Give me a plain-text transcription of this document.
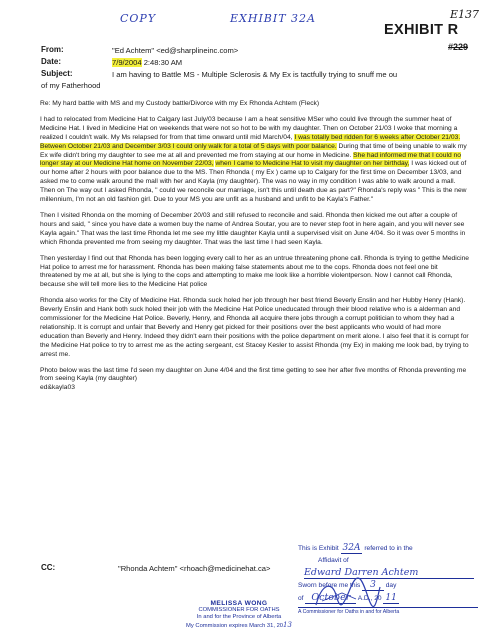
COPY	EXHIBIT 32A	E137
EXHIBIT R
#229
From:	"Ed Achtem" <ed@sharplineinc.com>
Date:	7/9/2004 2:48:30 AM
Subject:	I am having to Battle MS - Multiple Sclerosis & My Ex is tactfully trying to snuff me ou
of my Fatherhood

Re: My hard battle with MS and my Custody battle/Divorce with my Ex Rhonda Achtem (Fleck)

I had to relocated from Medicine Hat to Calgary last July/03 because I am a heat sensitive MSer who could live through the summer heat of Medicine Hat. I lived in Medicine Hat on weekends that were not so hot to be with my daughter. Then on October 21/03 I woke that morning a realized I couldn't walk. My Ms relapsed for from that time onward until mid March/04, I was totally bed ridden for 6 weeks after October 21/03. Between October 21/03 and December 3/03 I could only walk for a total of 5 days with poor balance. During that time of being unable to walk my Ex wife didn't bring my daughter to see me at all and prevented me from staying at our home in Medicine. She had informed me that I could no longer stay at our Medicine Hat home on November 22/03, when I came to Medicine Hat to visit my daughter on her birthday, I was kicked out of our home after 2 hours with poor balance due to the MS. Then Rhonda ( my Ex ) came up to Calgary for the first time on December 13/03, and asked me to come walk around the mall with her and Kayla (my daughter). The was no way in my condition I was able to walk around a mall. Then on The way out I asked Rhonda, " could we reconcile our marriage, isn't this until death due as part?" Rhonda's reply was " This is the new millennium, I'm not an old fashion girl. Due to your MS you are unfit as a husband and unfit to be Kayla's Father."

Then I visited Rhonda on the morning of December 20/03 and still refused to reconcile and said. Rhonda then kicked me out after a couple of hours and said, " since you have date a women buy the name of Andrea Soutar, you are to never step foot in here again, and you will never see Kayla again." That was the last time Rhonda let me see my little daughter Kayla until a supervised visit on June 4/04. So it was over 5 months in which Rhonda prevented me from seeing my daughter. That was the last time I had seen Kayla.

Then yesterday I find out that Rhonda has been logging every call to her as an untrue threatening phone call. Rhonda is trying to getthe Medicine Hat police to arrest me for harassment. Rhonda has been making false statements about me to the cops. Rhonda does not feel one bit threatened by me at all, but she is lying to the cops and attempting to make me look like a horrible violentperson. Now I cannot call Rhonda, because she will tell more lies to the Medicine Hat police

Rhonda also works for the City of Medicine Hat. Rhonda suck holed her job through her best friend Beverly Enslin and her Hubby Henry (Hank). Beverly Enslin and Hank both suck holed their job with the Medicine Hat Police uneducated through their blood relative who is a alderman and commissioner for the Medicine Hat Police. Beverly, Henry, and Rhonda all acquire there jobs through a corrupt politician to whom they had a relationship. It is corrupt and unfair that Beverly and Henry get picked for their positions over the best applicants who would of had more education than Beverly and Henry. Indeed they didn't earn their positions with the police department on merit alone. I also feel that it is corrupt for the Medicine Hat police to try to arrest me as the acting sergeant, cst Stacey Kesler to assist Rhonda (my Ex) in making me look bad, by trying to arrest me.

Photo below was the last time I'd seen my daughter on June 4/04 and the first time getting to see her after five months of Rhonda preventing me from seeing Kayla (my daughter)
ed&kayla03

CC:	"Rhonda Achtem" <rhoach@medicinehat.ca>
This is Exhibit 32A referred to in the
Affidavit of
Edward Darren Achtem
Sworn before me this 3 day
of October A.D., 20 11
A Commissioner for Oaths in and for Alberta
MELISSA WONG
COMMISSIONER FOR OATHS
In and for the Province of Alberta
My Commission expires March 31, 2013
